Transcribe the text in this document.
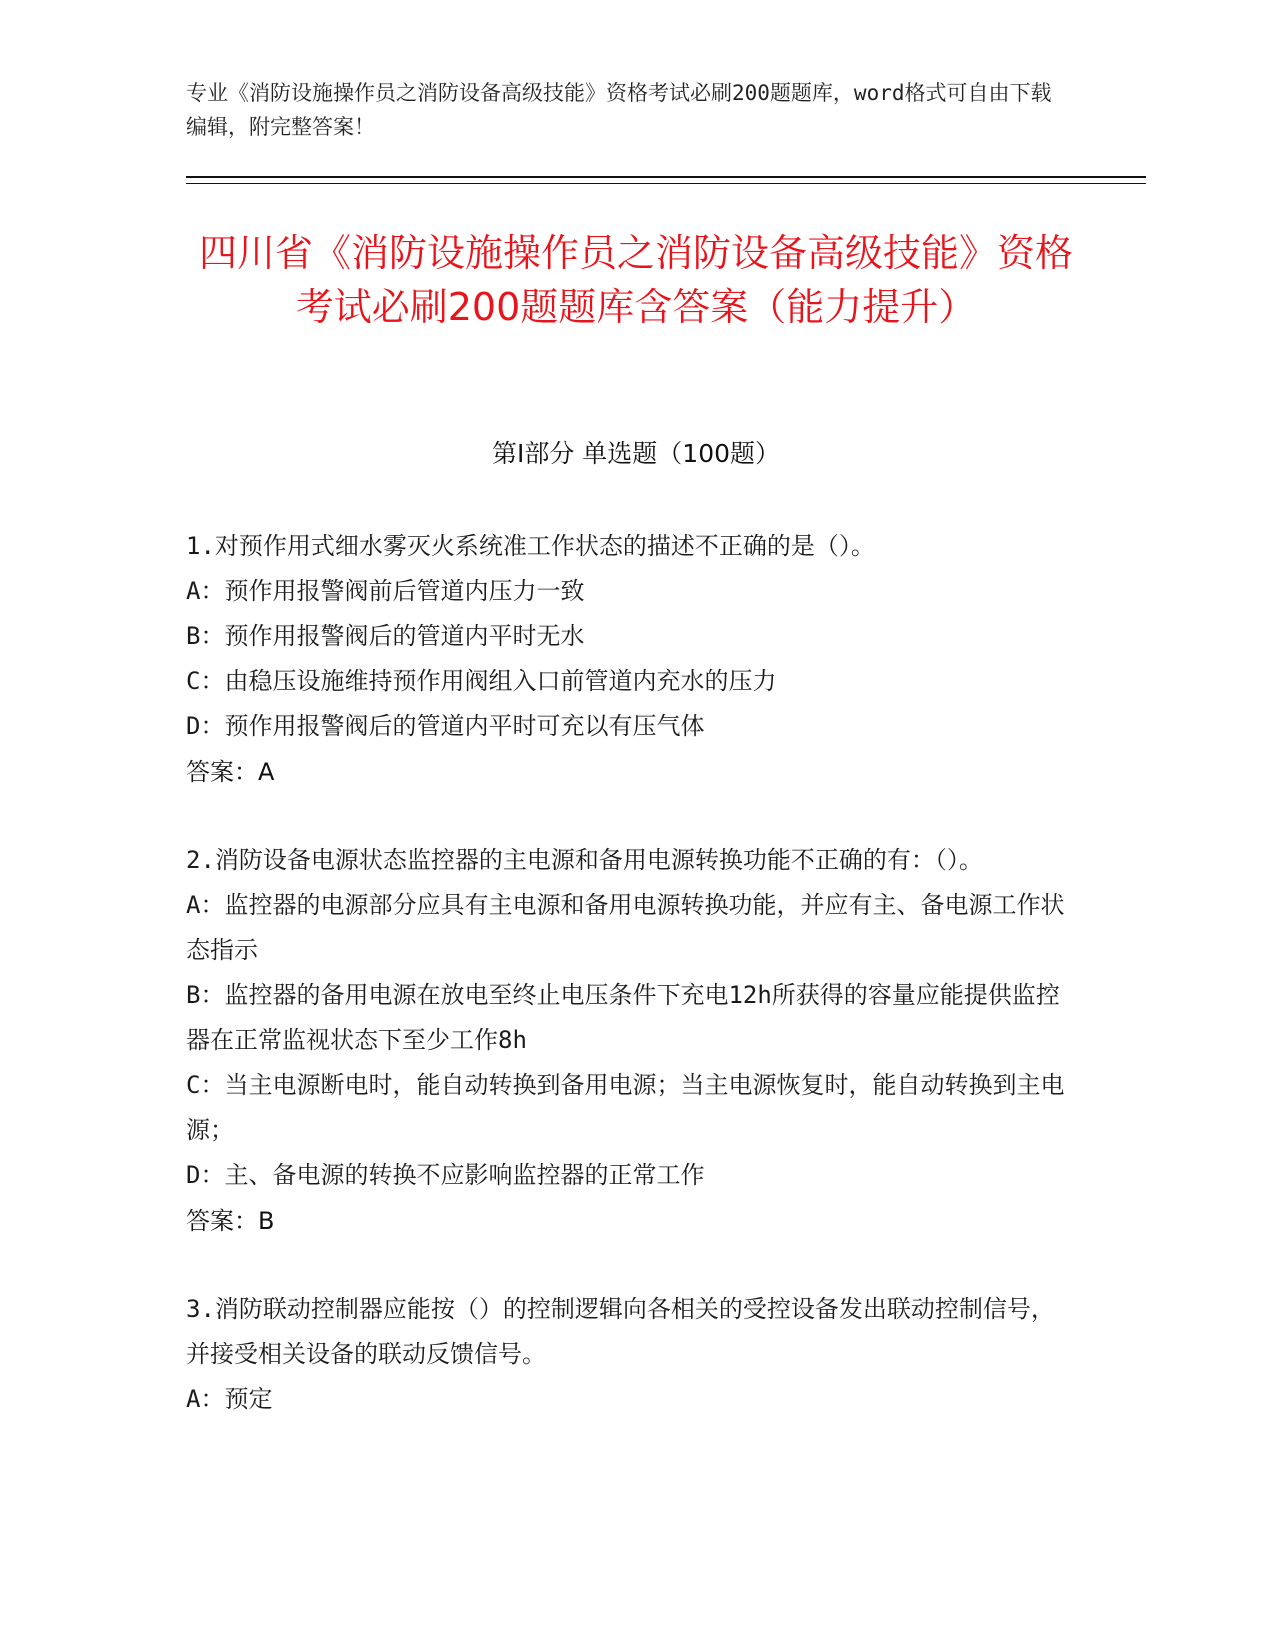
专业《消防设施操作员之消防设备高级技能》资格考试必刷200题题库，word格式可自由下载编辑，附完整答案！
四川省《消防设施操作员之消防设备高级技能》资格考试必刷200题题库含答案（能力提升）
第Ⅰ部分 单选题（100题）

1.对预作用式细水雾灭火系统准工作状态的描述不正确的是（）。

A：预作用报警阀前后管道内压力一致

B：预作用报警阀后的管道内平时无水

C：由稳压设施维持预作用阀组入口前管道内充水的压力

D：预作用报警阀后的管道内平时可充以有压气体

答案：A

2.消防设备电源状态监控器的主电源和备用电源转换功能不正确的有：（）。

A：监控器的电源部分应具有主电源和备用电源转换功能，并应有主、备电源工作状态指示

B：监控器的备用电源在放电至终止电压条件下充电12h所获得的容量应能提供监控器在正常监视状态下至少工作8h

C：当主电源断电时，能自动转换到备用电源；当主电源恢复时，能自动转换到主电源；

D：主、备电源的转换不应影响监控器的正常工作

答案：B

3.消防联动控制器应能按（）的控制逻辑向各相关的受控设备发出联动控制信号，并接受相关设备的联动反馈信号。

A：预定
